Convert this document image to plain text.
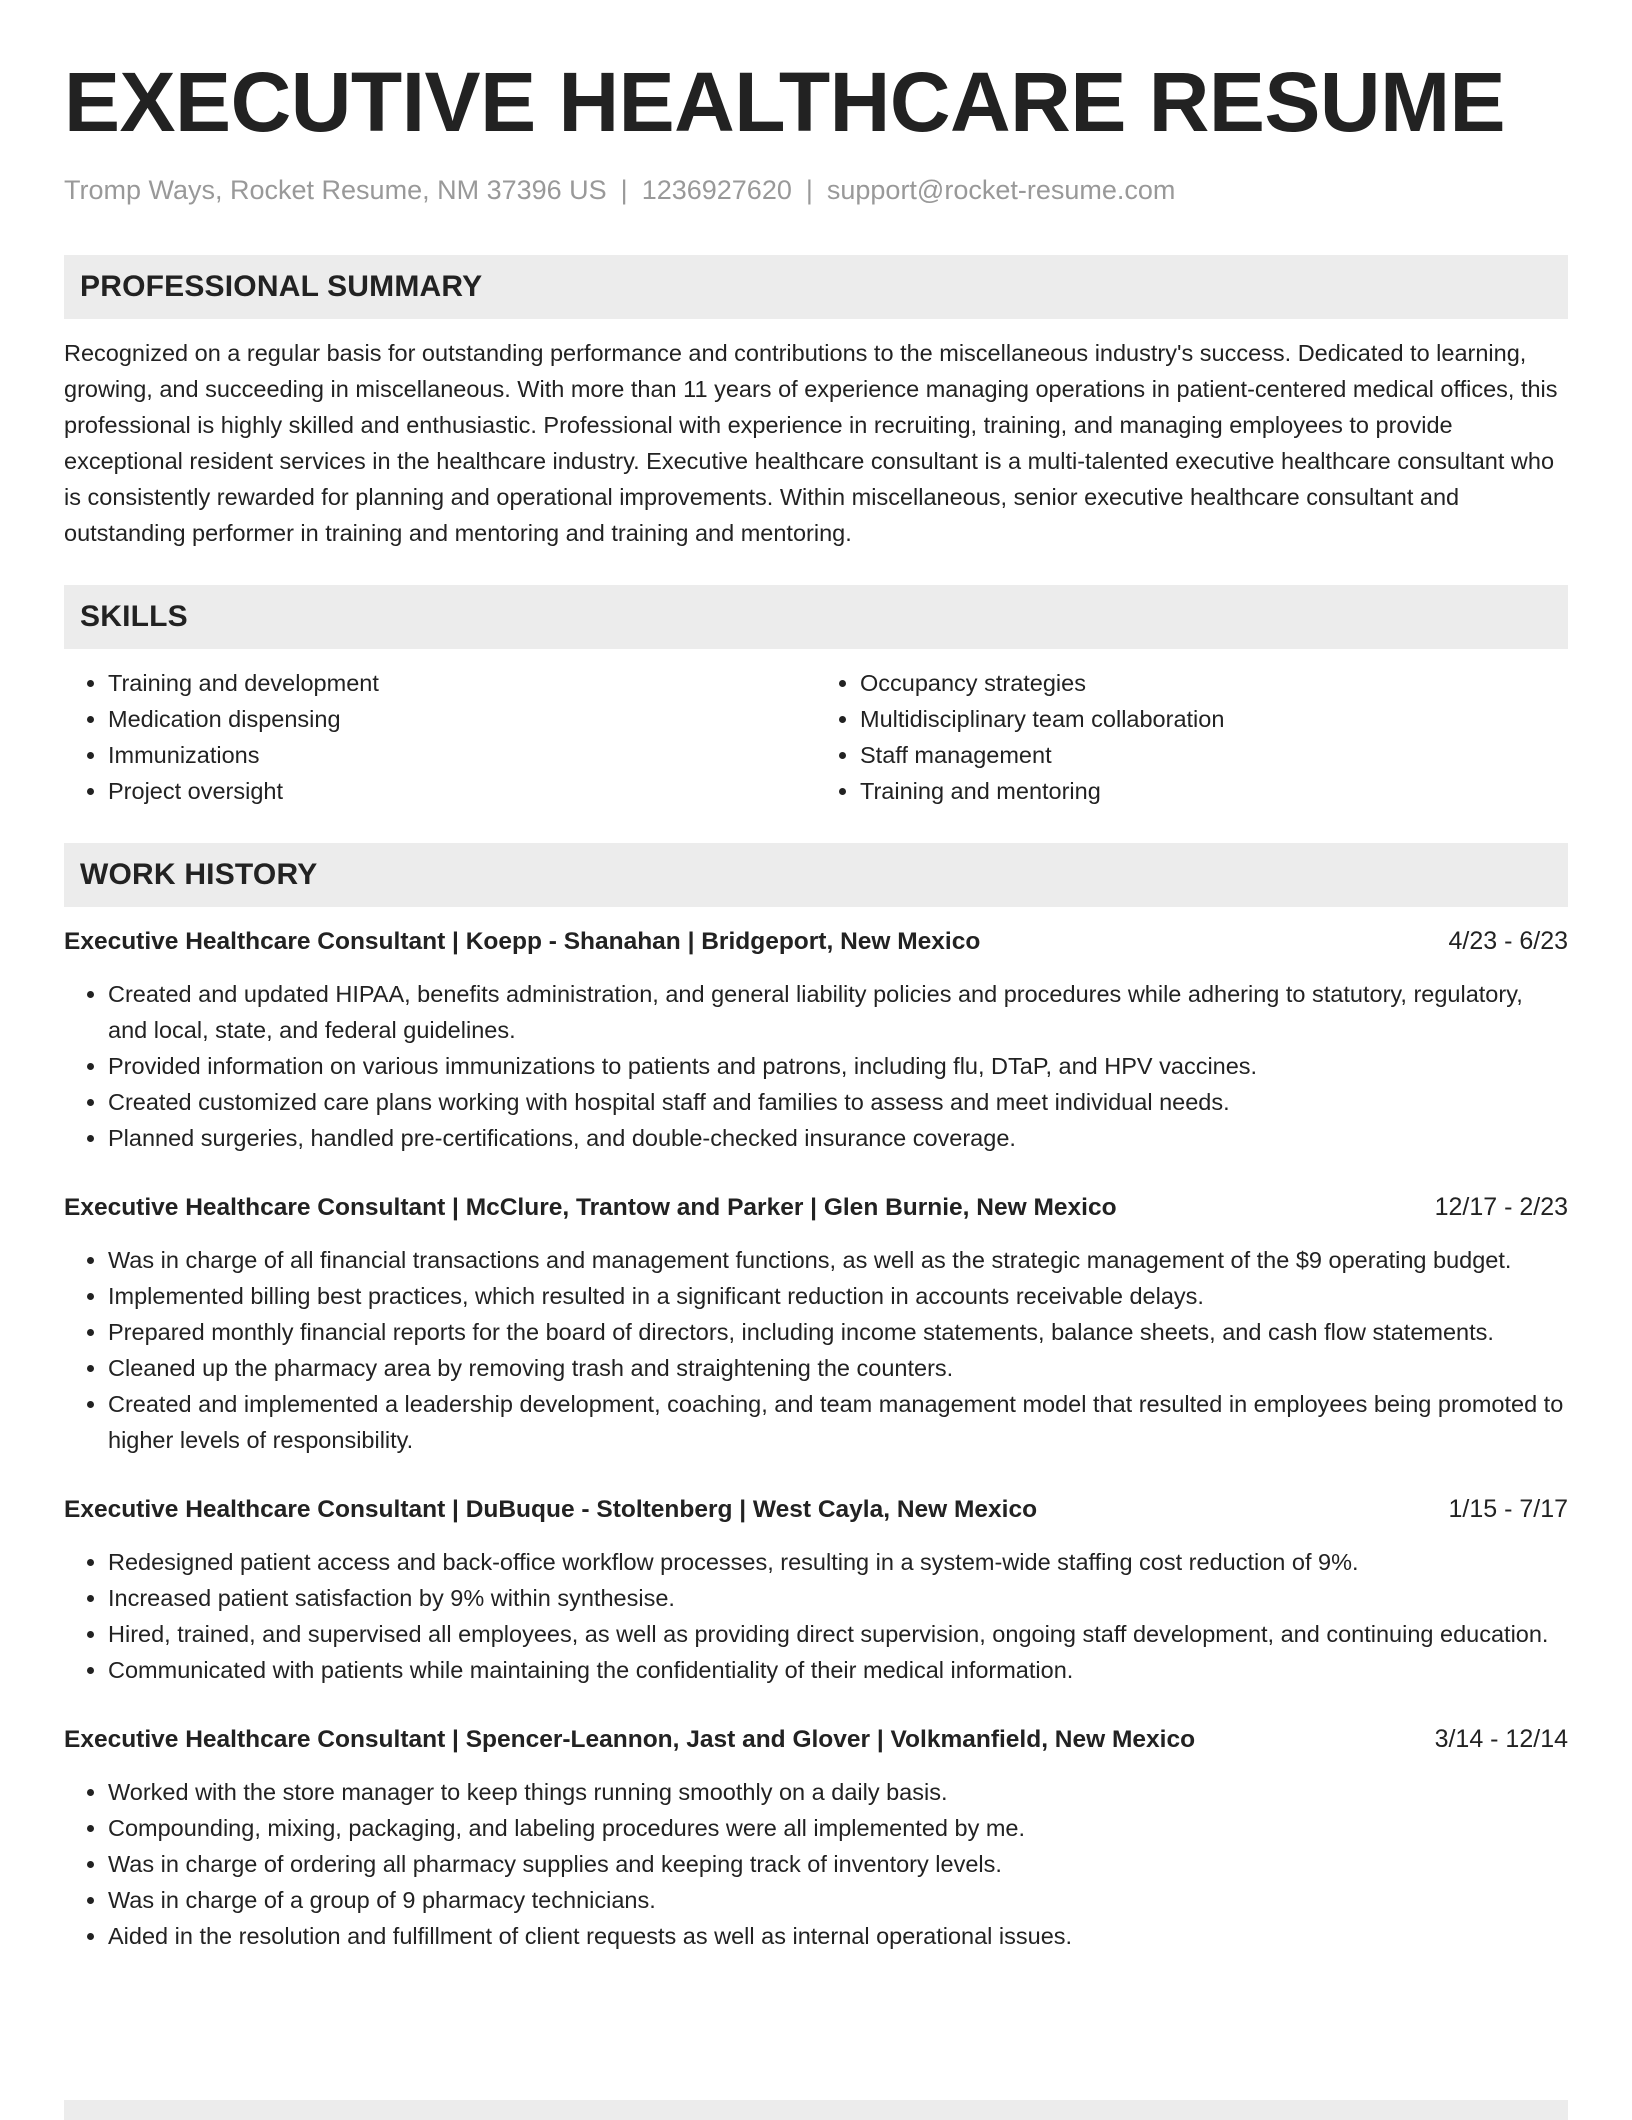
EXECUTIVE HEALTHCARE RESUME
Tromp Ways, Rocket Resume, NM 37396 US | 1236927620 | support@rocket-resume.com
PROFESSIONAL SUMMARY

Recognized on a regular basis for outstanding performance and contributions to the miscellaneous industry's success. Dedicated to learning, growing, and succeeding in miscellaneous. With more than 11 years of experience managing operations in patient-centered medical offices, this professional is highly skilled and enthusiastic. Professional with experience in recruiting, training, and managing employees to provide exceptional resident services in the healthcare industry. Executive healthcare consultant is a multi-talented executive healthcare consultant who is consistently rewarded for planning and operational improvements. Within miscellaneous, senior executive healthcare consultant and outstanding performer in training and mentoring and training and mentoring.

SKILLS
• Training and development
• Medication dispensing
• Immunizations
• Project oversight
• Occupancy strategies
• Multidisciplinary team collaboration
• Staff management
• Training and mentoring
WORK HISTORY
Executive Healthcare Consultant | Koepp - Shanahan | Bridgeport, New Mexico	4/23 - 6/23
• Created and updated HIPAA, benefits administration, and general liability policies and procedures while adhering to statutory, regulatory, and local, state, and federal guidelines.
• Provided information on various immunizations to patients and patrons, including flu, DTaP, and HPV vaccines.
• Created customized care plans working with hospital staff and families to assess and meet individual needs.
• Planned surgeries, handled pre-certifications, and double-checked insurance coverage.
Executive Healthcare Consultant | McClure, Trantow and Parker | Glen Burnie, New Mexico	12/17 - 2/23
• Was in charge of all financial transactions and management functions, as well as the strategic management of the $9 operating budget.
• Implemented billing best practices, which resulted in a significant reduction in accounts receivable delays.
• Prepared monthly financial reports for the board of directors, including income statements, balance sheets, and cash flow statements.
• Cleaned up the pharmacy area by removing trash and straightening the counters.
• Created and implemented a leadership development, coaching, and team management model that resulted in employees being promoted to higher levels of responsibility.
Executive Healthcare Consultant | DuBuque - Stoltenberg | West Cayla, New Mexico	1/15 - 7/17
• Redesigned patient access and back-office workflow processes, resulting in a system-wide staffing cost reduction of 9%.
• Increased patient satisfaction by 9% within synthesise.
• Hired, trained, and supervised all employees, as well as providing direct supervision, ongoing staff development, and continuing education.
• Communicated with patients while maintaining the confidentiality of their medical information.
Executive Healthcare Consultant | Spencer-Leannon, Jast and Glover | Volkmanfield, New Mexico	3/14 - 12/14
• Worked with the store manager to keep things running smoothly on a daily basis.
• Compounding, mixing, packaging, and labeling procedures were all implemented by me.
• Was in charge of ordering all pharmacy supplies and keeping track of inventory levels.
• Was in charge of a group of 9 pharmacy technicians.
• Aided in the resolution and fulfillment of client requests as well as internal operational issues.
